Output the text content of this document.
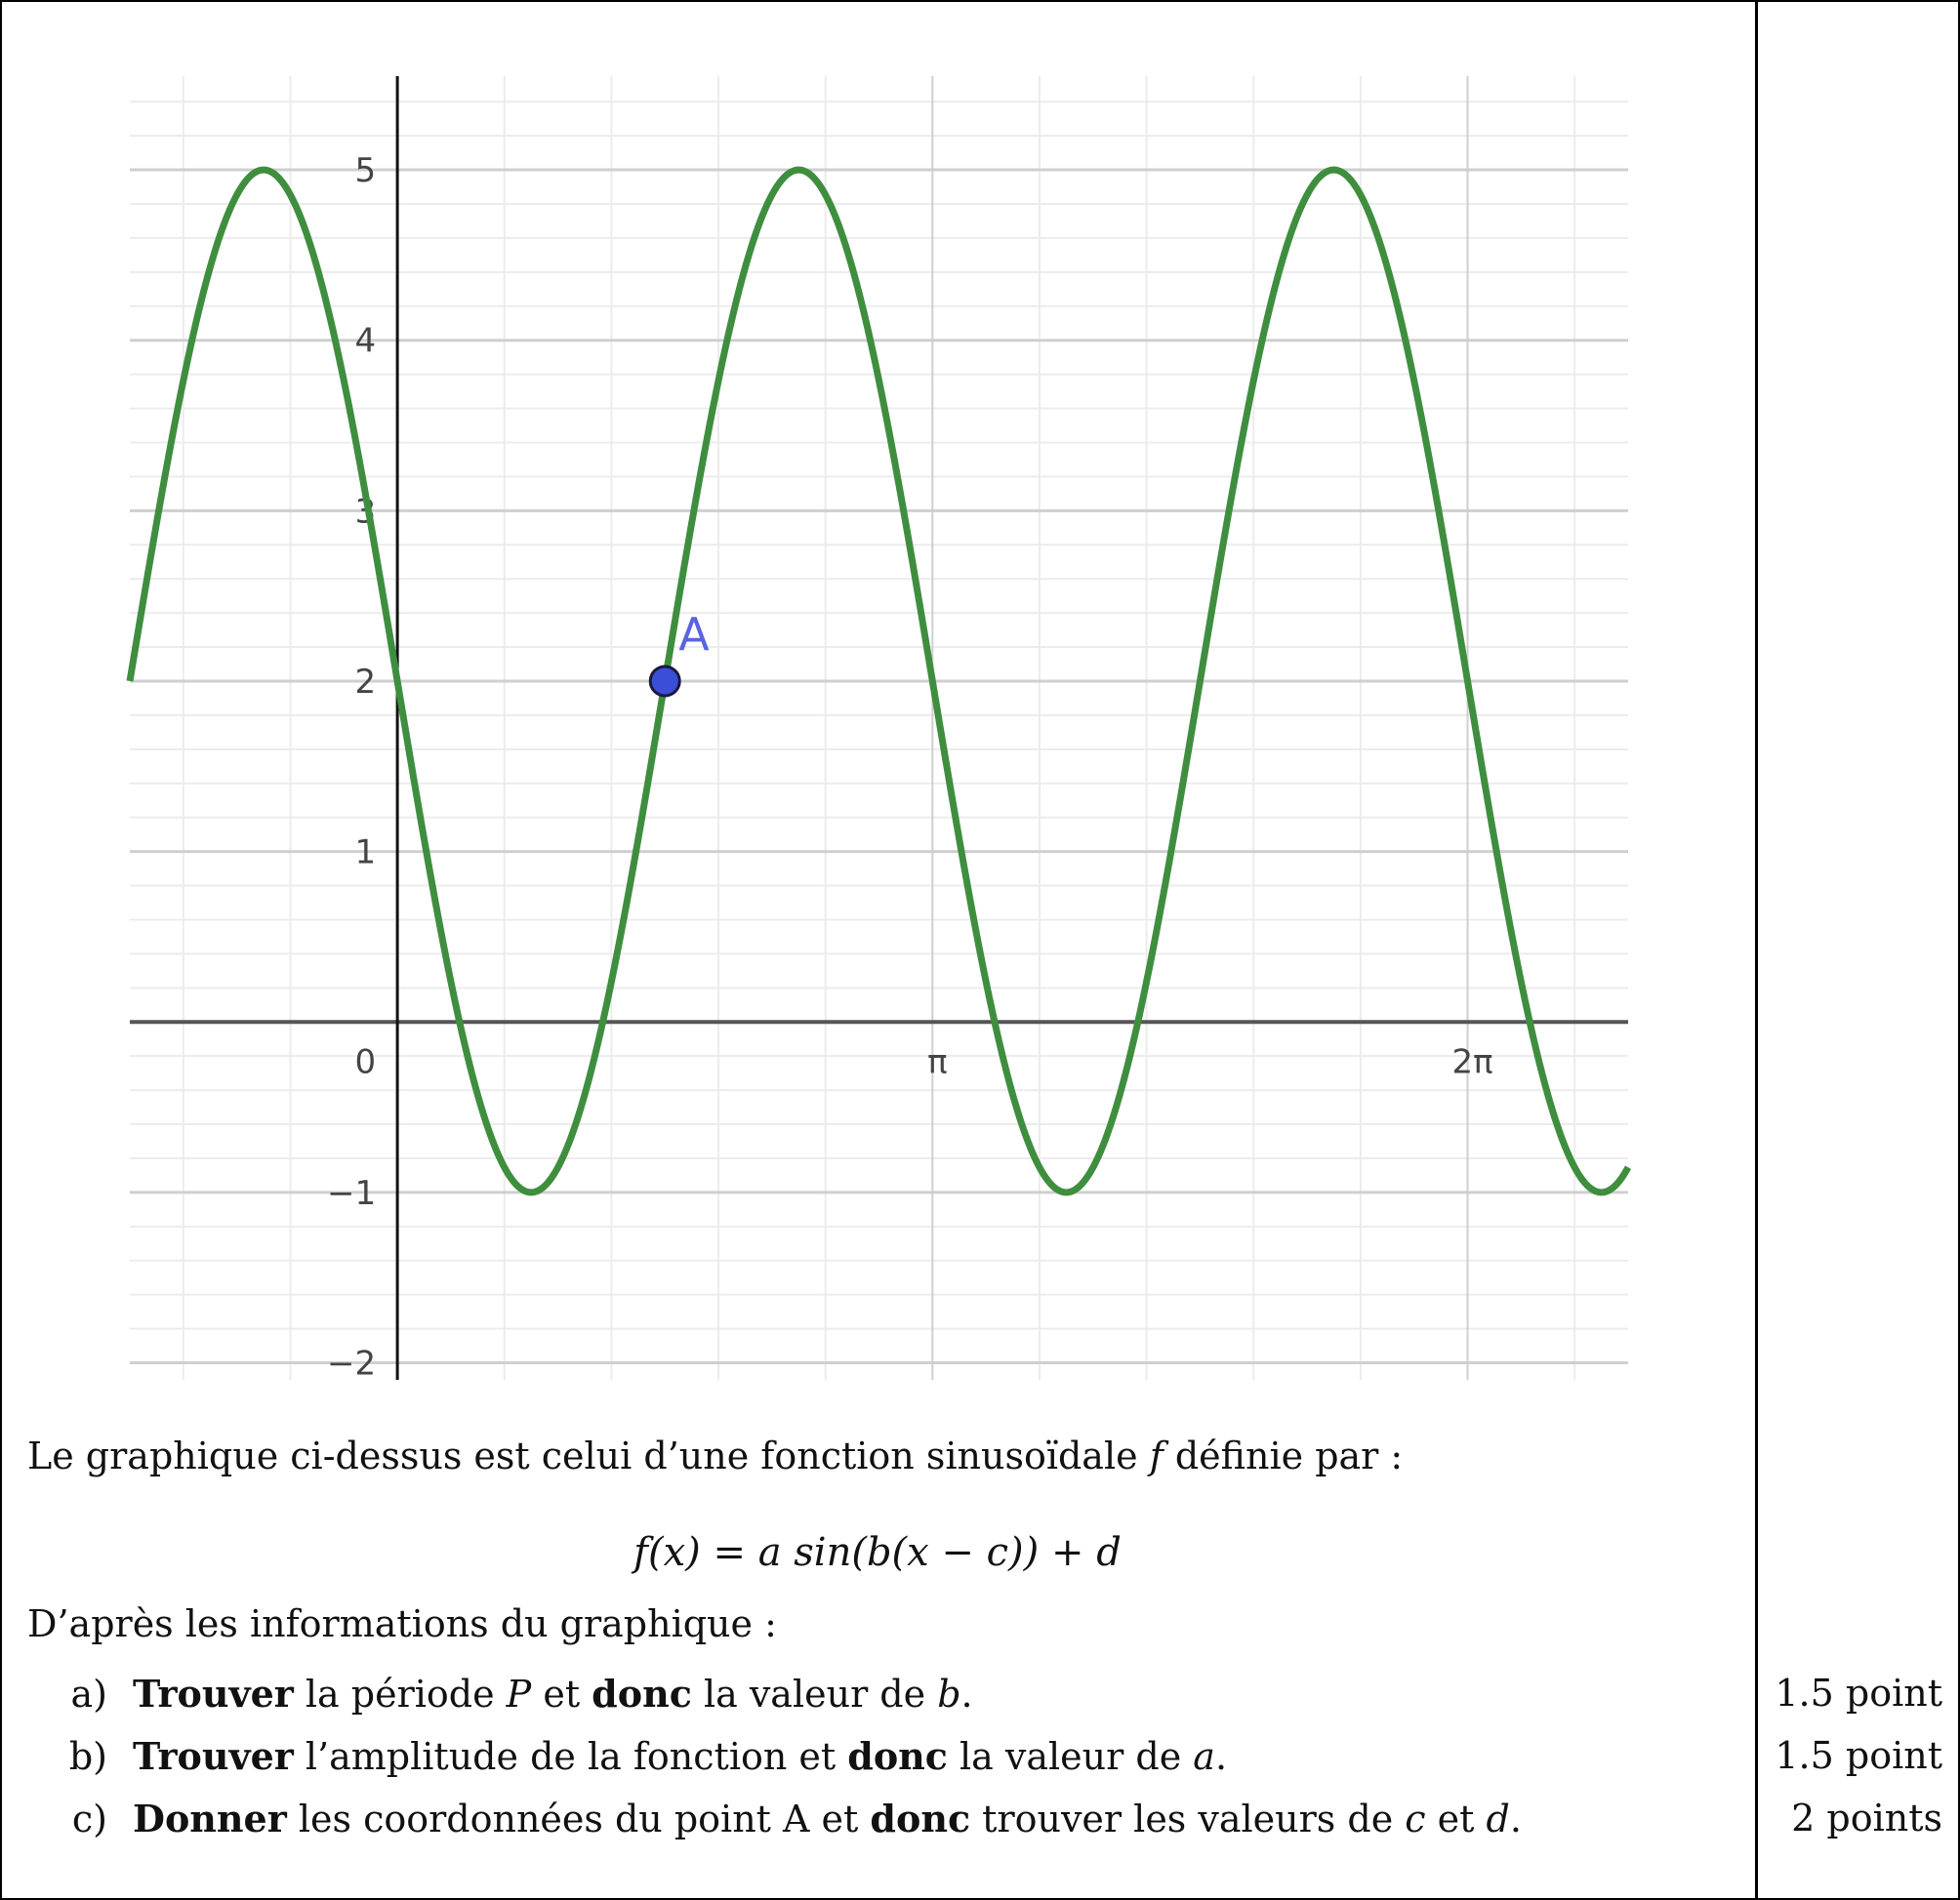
5
4
3
2
1
−1
−2
0	π	2π
A
Le graphique ci-dessus est celui d’une fonction sinusoïdale f définie par :
f(x) = a sin(b(x − c)) + d
D’après les informations du graphique :
a) Trouver la période P et donc la valeur de b.	1.5 point
b) Trouver l’amplitude de la fonction et donc la valeur de a.	1.5 point
c) Donner les coordonnées du point A et donc trouver les valeurs de c et d.	2 points
